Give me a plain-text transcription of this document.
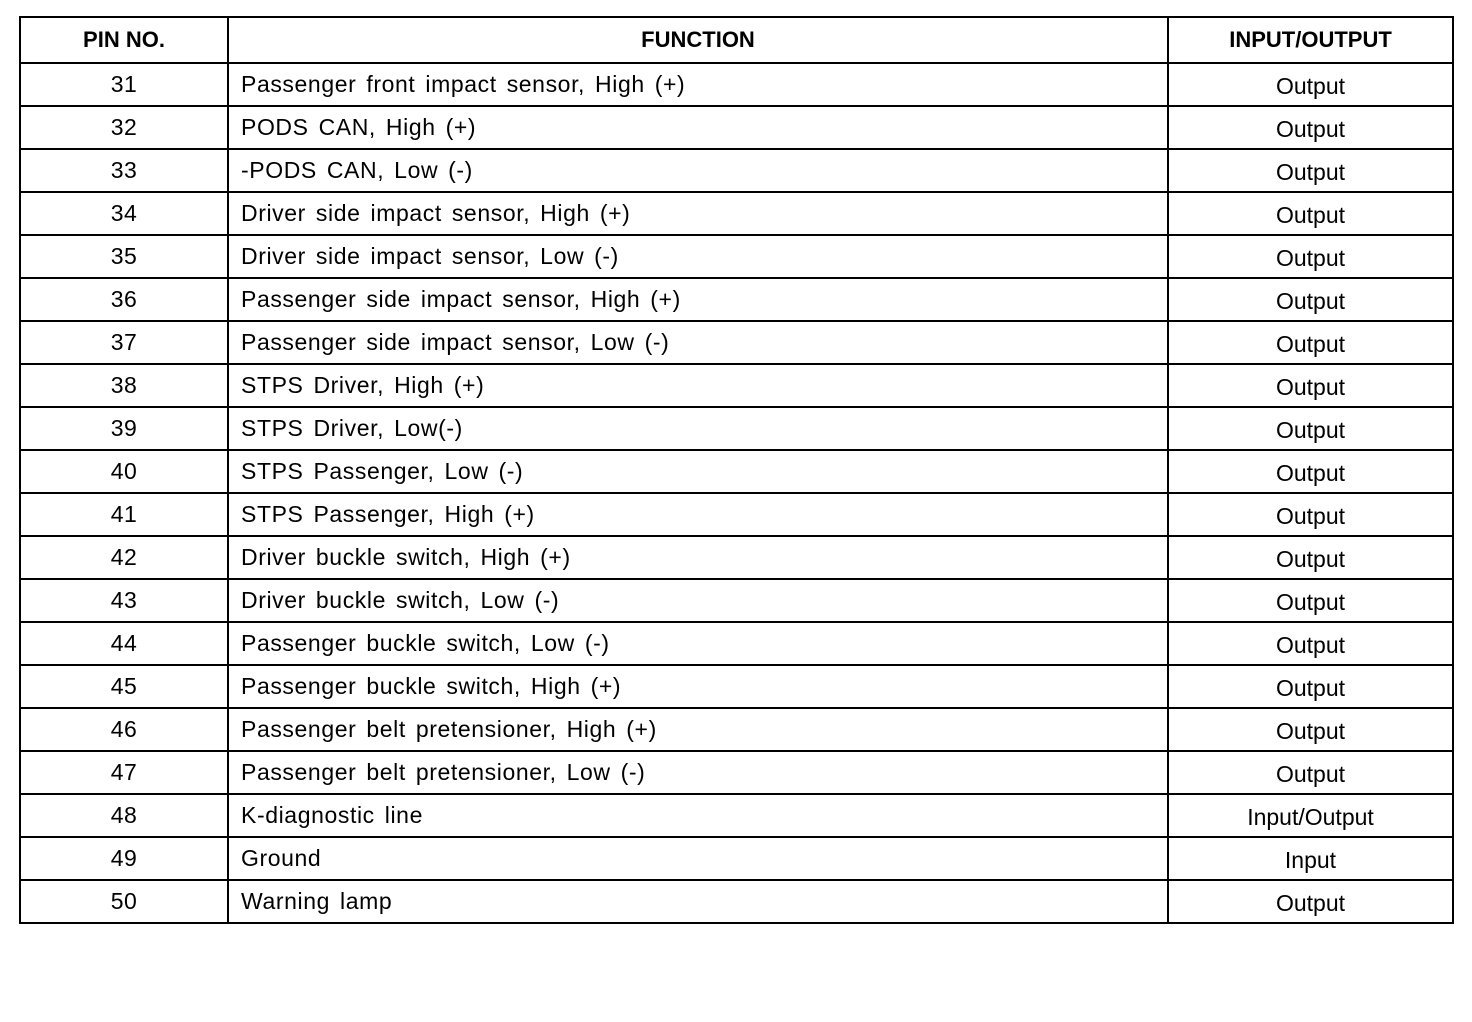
PIN NO.	FUNCTION	INPUT/OUTPUT
31	Passenger front impact sensor, High (+)	Output
32	PODS CAN, High (+)	Output
33	-PODS CAN, Low (-)	Output
34	Driver side impact sensor, High (+)	Output
35	Driver side impact sensor, Low (-)	Output
36	Passenger side impact sensor, High (+)	Output
37	Passenger side impact sensor, Low (-)	Output
38	STPS Driver, High (+)	Output
39	STPS Driver, Low(-)	Output
40	STPS Passenger, Low (-)	Output
41	STPS Passenger, High (+)	Output
42	Driver buckle switch, High (+)	Output
43	Driver buckle switch, Low (-)	Output
44	Passenger buckle switch, Low (-)	Output
45	Passenger buckle switch, High (+)	Output
46	Passenger belt pretensioner, High (+)	Output
47	Passenger belt pretensioner, Low (-)	Output
48	K-diagnostic line	Input/Output
49	Ground	Input
50	Warning lamp	Output
